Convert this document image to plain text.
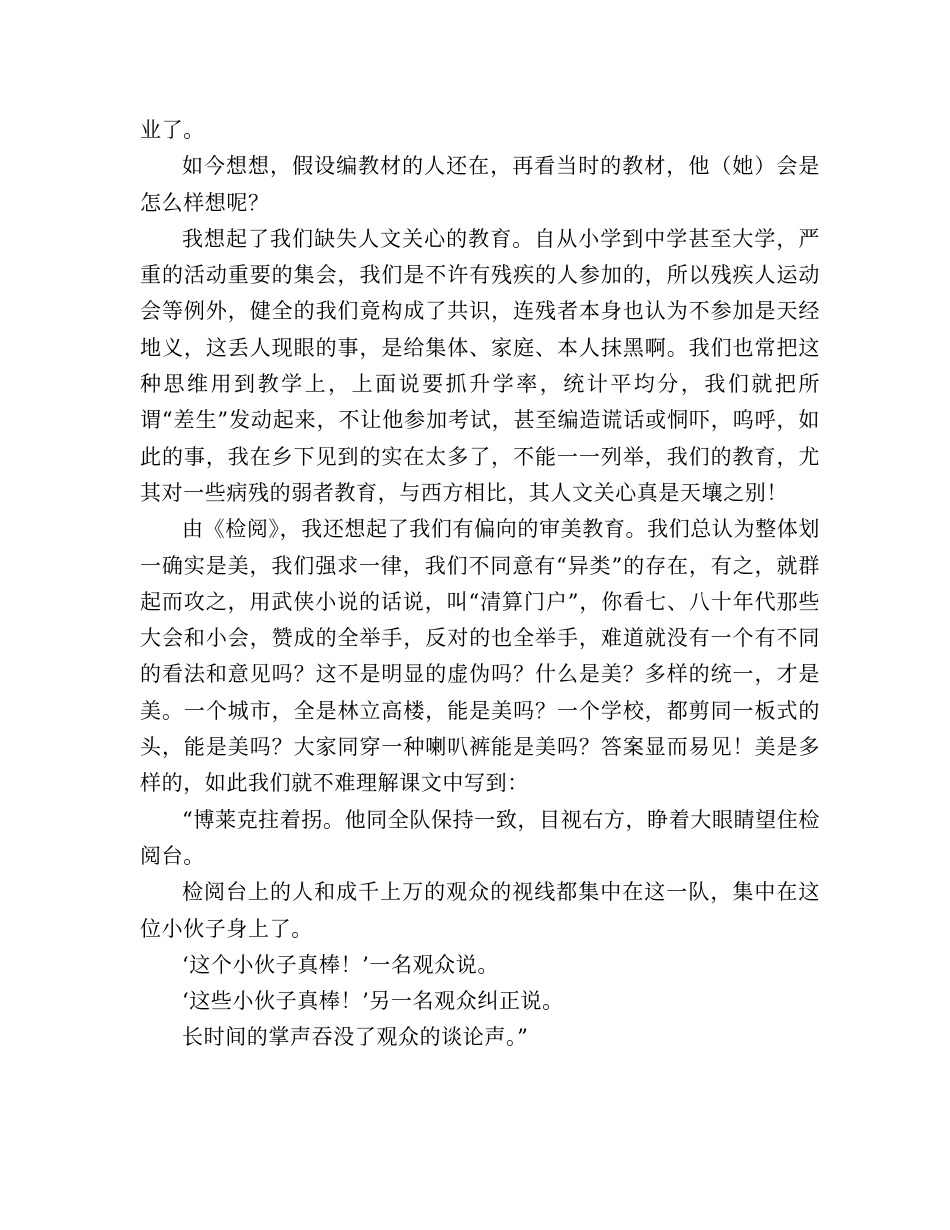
业了。

如今想想，假设编教材的人还在，再看当时的教材，他（她）会是怎么样想呢？

我想起了我们缺失人文关心的教育。自从小学到中学甚至大学，严重的活动重要的集会，我们是不许有残疾的人参加的，所以残疾人运动会等例外，健全的我们竟构成了共识，连残者本身也认为不参加是天经地义，这丢人现眼的事，是给集体、家庭、本人抹黑啊。我们也常把这种思维用到教学上，上面说要抓升学率，统计平均分，我们就把所谓“差生”发动起来，不让他参加考试，甚至编造谎话或恫吓，呜呼，如此的事，我在乡下见到的实在太多了，不能一一列举，我们的教育，尤其对一些病残的弱者教育，与西方相比，其人文关心真是天壤之别！

由《检阅》，我还想起了我们有偏向的审美教育。我们总认为整体划一确实是美，我们强求一律，我们不同意有“异类”的存在，有之，就群起而攻之，用武侠小说的话说，叫“清算门户”，你看七、八十年代那些大会和小会，赞成的全举手，反对的也全举手，难道就没有一个有不同的看法和意见吗？这不是明显的虚伪吗？什么是美？多样的统一，才是美。一个城市，全是林立高楼，能是美吗？一个学校，都剪同一板式的头，能是美吗？大家同穿一种喇叭裤能是美吗？答案显而易见！美是多样的，如此我们就不难理解课文中写到：

“博莱克拄着拐。他同全队保持一致，目视右方，睁着大眼睛望住检阅台。

检阅台上的人和成千上万的观众的视线都集中在这一队，集中在这位小伙子身上了。

‘这个小伙子真棒！’一名观众说。

‘这些小伙子真棒！’另一名观众纠正说。

长时间的掌声吞没了观众的谈论声。”
